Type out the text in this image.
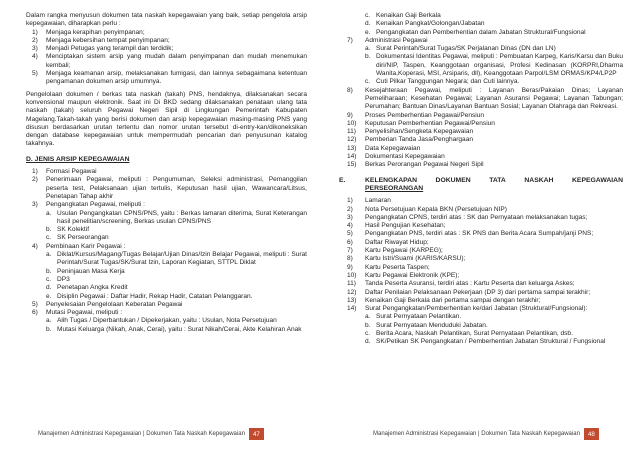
Dalam rangka menyusun dokumen tata naskah kepegawaian yang baik, setiap pengelola arsip kepegawaian, diharapkan perlu :

1)	Menjaga kerapihan penyimpanan;
2)	Menjaga kebersihan tempat penyimpanan;
3)	Menjadi Petugas yang terampil dan terdidik;
4)	Menciptakan sistem arsip yang mudah dalam penyimpanan dan mudah menemukan kembali;
5)	Menjaga keamanan arsip, melaksanakan fumigasi, dan lainnya sebagaimana ketentuan pengamanan dokumen arsip umumnya.

Pengelolaan dokumen / berkas tata naskah (takah) PNS, hendaknya, dilaksanakan secara konvensional maupun elektronik. Saat ini Di BKD sedang dilaksanakan penataan ulang tata naskah (takah) seluruh Pegawai Negeri Sipil di Lingkungan Pemerintah Kabupaten Magelang.Takah-takah yang berisi dokumen dan arsip kepegawaian masing-masing PNS yang disusun berdasarkan urutan tertentu dan nomor urutan tersebut di-entry-kan/dikoneksikan dengan database kepegawaian untuk mempermudah pencarian dan penyusunan katalog takahnya.

D. JENIS ARSIP KEPEGAWAIAN

1)	Formasi Pegawai
2)	Penerimaan Pegawai, meliputi : Pengumuman, Seleksi administrasi, Pemanggilan peserta test, Pelaksanaan ujian tertulis, Keputusan hasil ujian, Wawancara/Litsus, Penetapan Tahap akhir
3)	Pengangkatan Pegawai, meliputi :
a. Usulan Pengangkatan CPNS/PNS, yaitu : Berkas lamaran diterima, Surat Keterangan hasil penelitian/screening, Berkas usulan CPNS/PNS
b. SK Kolektif
c. SK Perseorangan
4)	Pembinaan Karir Pegawai :
a. Diklat/Kursus/Magang/Tugas Belajar/Ujian Dinas/Izin Belajar Pegawai, meliputi : Surat Perintah/Surat Tugas/SK/Surat Izin, Laporan Kegiatan, STTPL Diklat
b. Peninjauan Masa Kerja
c. DP3
d. Penetapan Angka Kredit
e. Disiplin Pegawai : Daftar Hadir, Rekap Hadir, Catatan Pelanggaran.
5)	Penyelesaian Pengelolaan Keberatan Pegawai
6)	Mutasi Pegawai, meliputi :
a. Alih Tugas / Diperbantukan / Dipekerjakan, yaitu : Usulan, Nota Persetujuan
b. Mutasi Keluarga (Nikah, Anak, Cerai), yaitu : Surat Nikah/Cerai, Akte Kelahiran Anak
Manajemen Administrasi Kepegawaian | Dokumen Tata Naskah Kepegawaian	47
c. Kenaikan Gaji Berkala
d. Kenaikan Pangkat/Golongan/Jabatan
e. Pengangkatan dan Pemberhentian dalam Jabatan Struktural/Fungsional
7)	Administrasi Pegawai
a. Surat Perintah/Surat Tugas/SK Perjalanan Dinas (DN dan LN)
b. Dokumentasi Identitas Pegawai, meliputi : Pembuatan Karpeg, Karis/Karsu dan Buku diri/NIP, Taspen, Keanggotaan organisasi, Profesi Kedinasan (KORPRI,Dharma Wanita,Koperasi, MSI, Arsiparis, dll), Keanggotaan Parpol/LSM ORMAS/KP4/LP2P
c. Cuti Pilkar Tanggungan Negara; dan Cuti lainnya.
8)	Kesejahteraan Pegawai, meliputi : Layanan Beras/Pakaian Dinas; Layanan Pemeliharaan; Kesehatan Pegawai; Layanan Asuransi Pegawai; Layanan Tabungan; Perumahan; Bantuan Dinas/Layanan Bantuan Sosial; Layanan Olahraga dan Rekreasi.
9)	Proses Pemberhentian Pegawai/Pensiun
10)	Keputusan Pemberhentian Pegawai/Pensiun
11)	Penyelisihan/Sengketa Kepegawaian
12)	Pemberian Tanda Jasa/Penghargaan
13)	Data Kepegawaian
14)	Dokumentasi Kepegawaian
15)	Berkas Perorangan Pegawai Negeri Sipil
E.	KELENGKAPAN	DOKUMEN	TATA	NASKAH	KEPEGAWAIAN
PERSEORANGAN
1)	Lamaran
2)	Nota Persetujuan Kepala BKN (Persetujuan NIP)
3)	Pengangkatan CPNS, terdiri atas : SK dan Pernyataan melaksanakan tugas;
4)	Hasil Pengujian Kesehatan;
5)	Pengangkatan PNS, terdiri atas : SK PNS dan Berita Acara Sumpah/janji PNS;
6)	Daftar Riwayat Hidup;
7)	Kartu Pegawai (KARPEG);
8)	Kartu Istri/Suami (KARIS/KARSU);
9)	Kartu Peserta Taspen;
10)	Kartu Pegawai Elektronik (KPE);
11)	Tanda Peserta Asuransi, terdiri atas : Kartu Peserta dan keluarga Askes;
12)	Daftar Penilaian Pelaksanaan Pekerjaan (DP 3) dari pertama sampai terakhir;
13)	Kenaikan Gaji Berkala dari pertama sampai dengan terakhir;
14)	Surat Pengangkatan/Pemberhentian ke/dari Jabatan (Struktural/Fungsional):
a. Surat Pernyataan Pelantikan.
b. Surat Pernyataan Menduduki Jabatan.
c. Berita Acara, Naskah Pelantikan, Surat Pernyataan Pelantikan, dsb.
d. SK/Petikan SK Pengangkatan / Pemberhentian Jabatan Struktural / Fungsional
Manajemen Administrasi Kepegawaian | Dokumen Tata Naskah Kepegawaian	48
